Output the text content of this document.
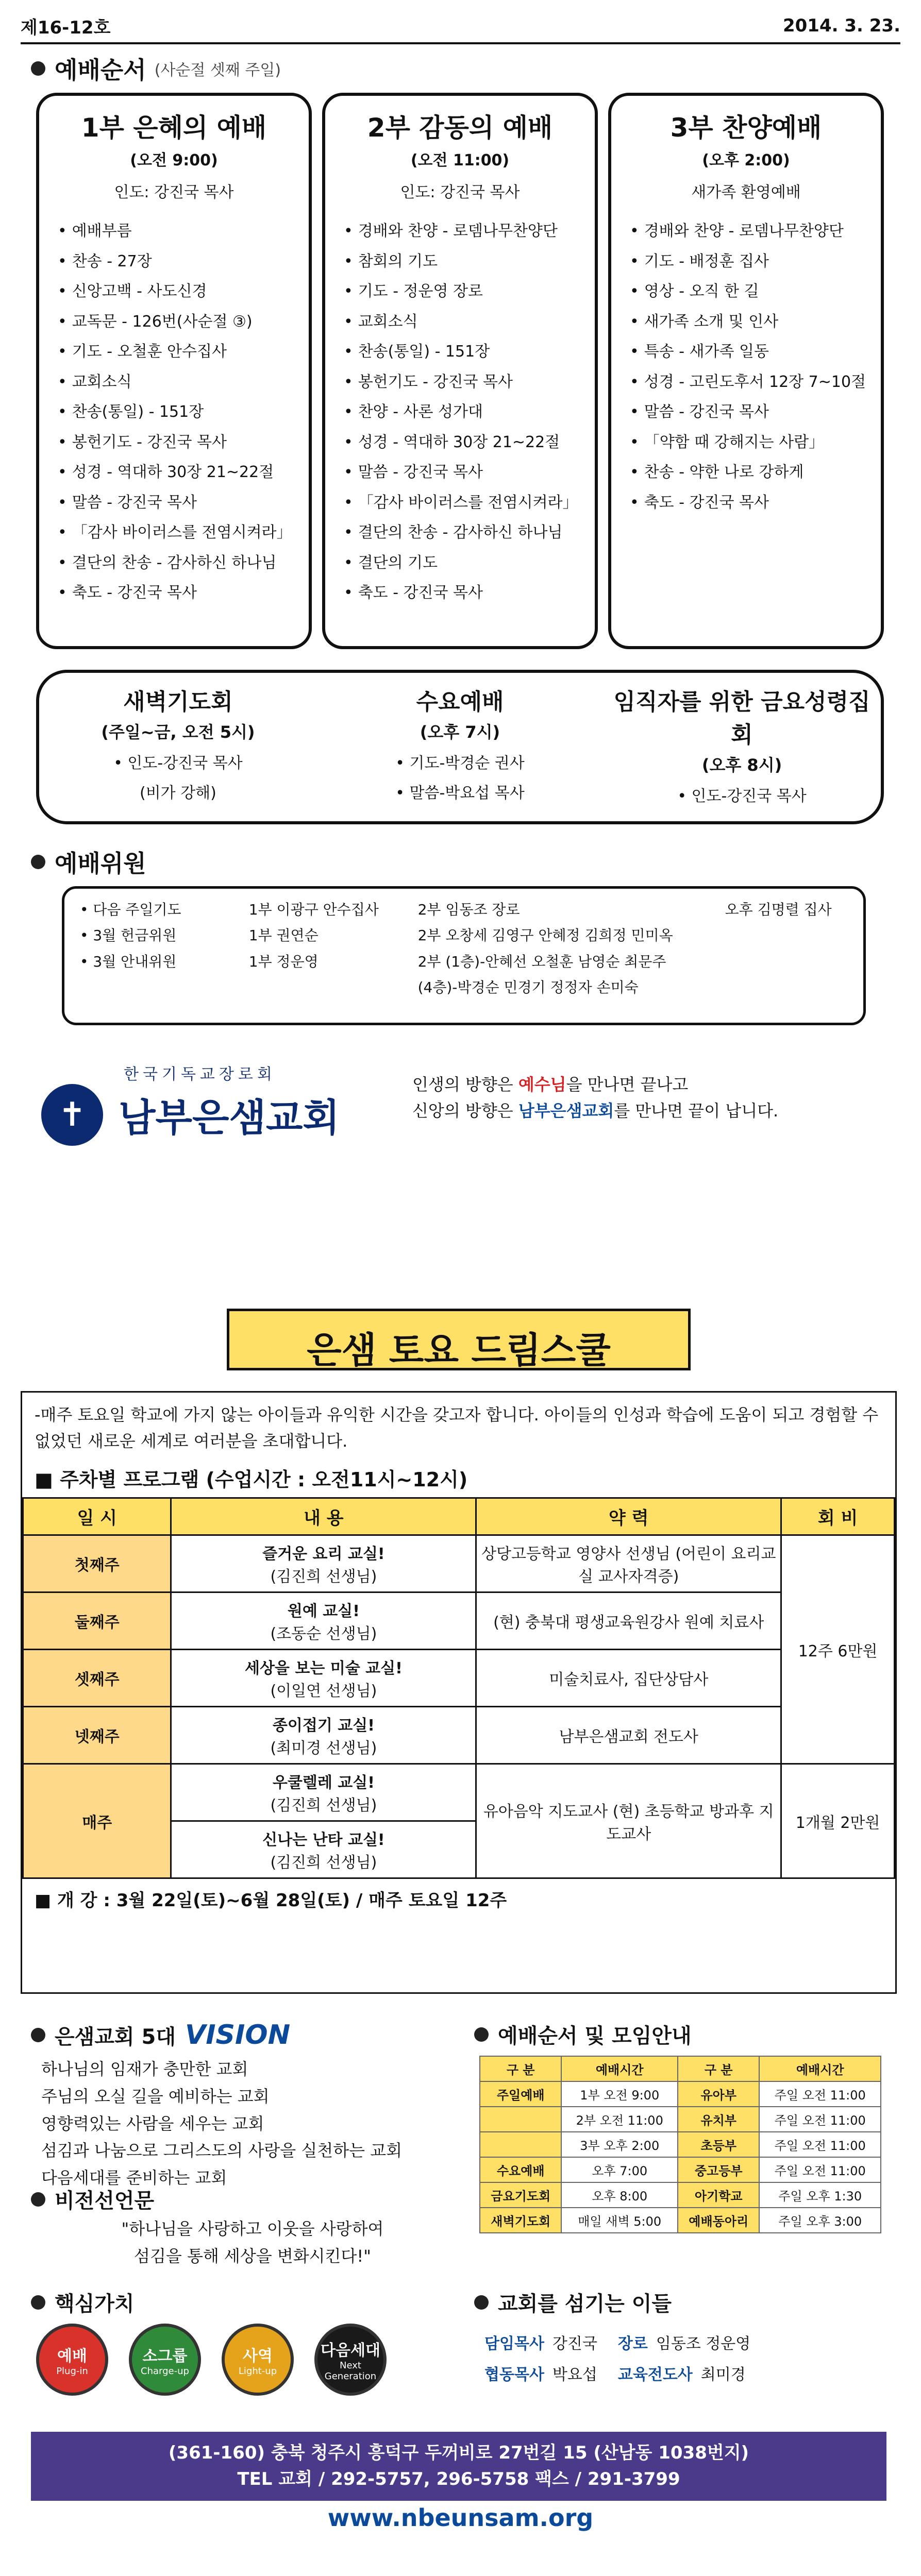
제16-12호	2014. 3. 23.
예배순서 (사순절 셋째 주일)
1부 은혜의 예배
(오전 9:00)
인도: 강진국 목사
• 예배부름
• 찬송 - 27장
• 신앙고백 - 사도신경
• 교독문 - 126번(사순절 ③)
• 기도 - 오철훈 안수집사
• 교회소식
• 찬송(통일) - 151장
• 봉헌기도 - 강진국 목사
• 성경 - 역대하 30장 21~22절
• 말씀 - 강진국 목사
• 「감사 바이러스를 전염시켜라」
• 결단의 찬송 - 감사하신 하나님
• 축도 - 강진국 목사
2부 감동의 예배
(오전 11:00)
인도: 강진국 목사
• 경배와 찬양 - 로뎀나무찬양단
• 참회의 기도
• 기도 - 정운영 장로
• 교회소식
• 찬송(통일) - 151장
• 봉헌기도 - 강진국 목사
• 찬양 - 사론 성가대
• 성경 - 역대하 30장 21~22절
• 말씀 - 강진국 목사
• 「감사 바이러스를 전염시켜라」
• 결단의 찬송 - 감사하신 하나님
• 결단의 기도
• 축도 - 강진국 목사
3부 찬양예배
(오후 2:00)
새가족 환영예배
• 경배와 찬양 - 로뎀나무찬양단
• 기도 - 배정훈 집사
• 영상 - 오직 한 길
• 새가족 소개 및 인사
• 특송 - 새가족 일동
• 성경 - 고린도후서 12장 7~10절
• 말씀 - 강진국 목사
• 「약함 때 강해지는 사람」
• 찬송 - 약한 나로 강하게
• 축도 - 강진국 목사
새벽기도회
(주일~금, 오전 5시)
• 인도-강진국 목사
(비가 강해)
수요예배
(오후 7시)
• 기도-박경순 권사
• 말씀-박요섭 목사
임직자를 위한 금요성령집회
(오후 8시)
• 인도-강진국 목사
예배위원
• 다음 주일기도	1부 이광구 안수집사	2부 임동조 장로	오후 김명렬 집사
• 3월 헌금위원	1부 권연순	2부 오창세 김영구 안혜정 김희정 민미옥
• 3월 안내위원	1부 정운영	2부 (1층)-안혜선 오철훈 남영순 최문주
(4층)-박경순 민경기 정정자 손미숙
한국기독교장로회
✝ 남부은샘교회
인생의 방향은 예수님을 만나면 끝나고
신앙의 방향은 남부은샘교회를 만나면 끝이 납니다.
은샘 토요 드림스쿨
-매주 토요일 학교에 가지 않는 아이들과 유익한 시간을 갖고자 합니다. 아이들의 인성과 학습에 도움이 되고 경험할 수 없었던 새로운 세계로 여러분을 초대합니다.
■ 주차별 프로그램 (수업시간 : 오전11시~12시)
일 시	내 용	약 력	회 비
첫째주	즐거운 요리 교실!
(김진희 선생님)	상당고등학교 영양사 선생님 (어린이 요리교실 교사자격증)	12주 6만원
둘째주	원예 교실!
(조동순 선생님)	(현) 충북대 평생교육원강사 원예 치료사	
셋째주	세상을 보는 미술 교실!
(이일연 선생님)	미술치료사, 집단상담사	
넷째주	종이접기 교실!
(최미경 선생님)	남부은샘교회 전도사	
매주	우쿨렐레 교실!
(김진희 선생님)	유아음악 지도교사 (현) 초등학교 방과후 지도교사	1개월 2만원
	신나는 난타 교실!
(김진희 선생님)		
■ 개 강 : 3월 22일(토)~6월 28일(토) / 매주 토요일 12주
은샘교회 5대 VISION
하나님의 임재가 충만한 교회
주님의 오실 길을 예비하는 교회
영향력있는 사람을 세우는 교회
섬김과 나눔으로 그리스도의 사랑을 실천하는 교회
다음세대를 준비하는 교회
비전선언문
"하나님을 사랑하고 이웃을 사랑하여
섬김을 통해 세상을 변화시킨다!"
예배순서 및 모임안내
구 분	예배시간	구 분	예배시간
주일예배	1부 오전 9:00	유아부	주일 오전 11:00
	2부 오전 11:00	유치부	주일 오전 11:00
	3부 오후 2:00	초등부	주일 오전 11:00
수요예배	오후 7:00	중고등부	주일 오전 11:00
금요기도회	오후 8:00	아기학교	주일 오후 1:30
새벽기도회	매일 새벽 5:00	예배동아리	주일 오후 3:00
핵심가치
예배
Plug-in
소그룹
Charge-up
사역
Light-up
다음세대
Next Generation
교회를 섬기는 이들
담임목사 강진국 장로 임동조 정운영
협동목사 박요섭 교육전도사 최미경
(361-160) 충북 청주시 흥덕구 두꺼비로 27번길 15 (산남동 1038번지)
TEL 교회 / 292-5757, 296-5758 팩스 / 291-3799
www.nbeunsam.org
